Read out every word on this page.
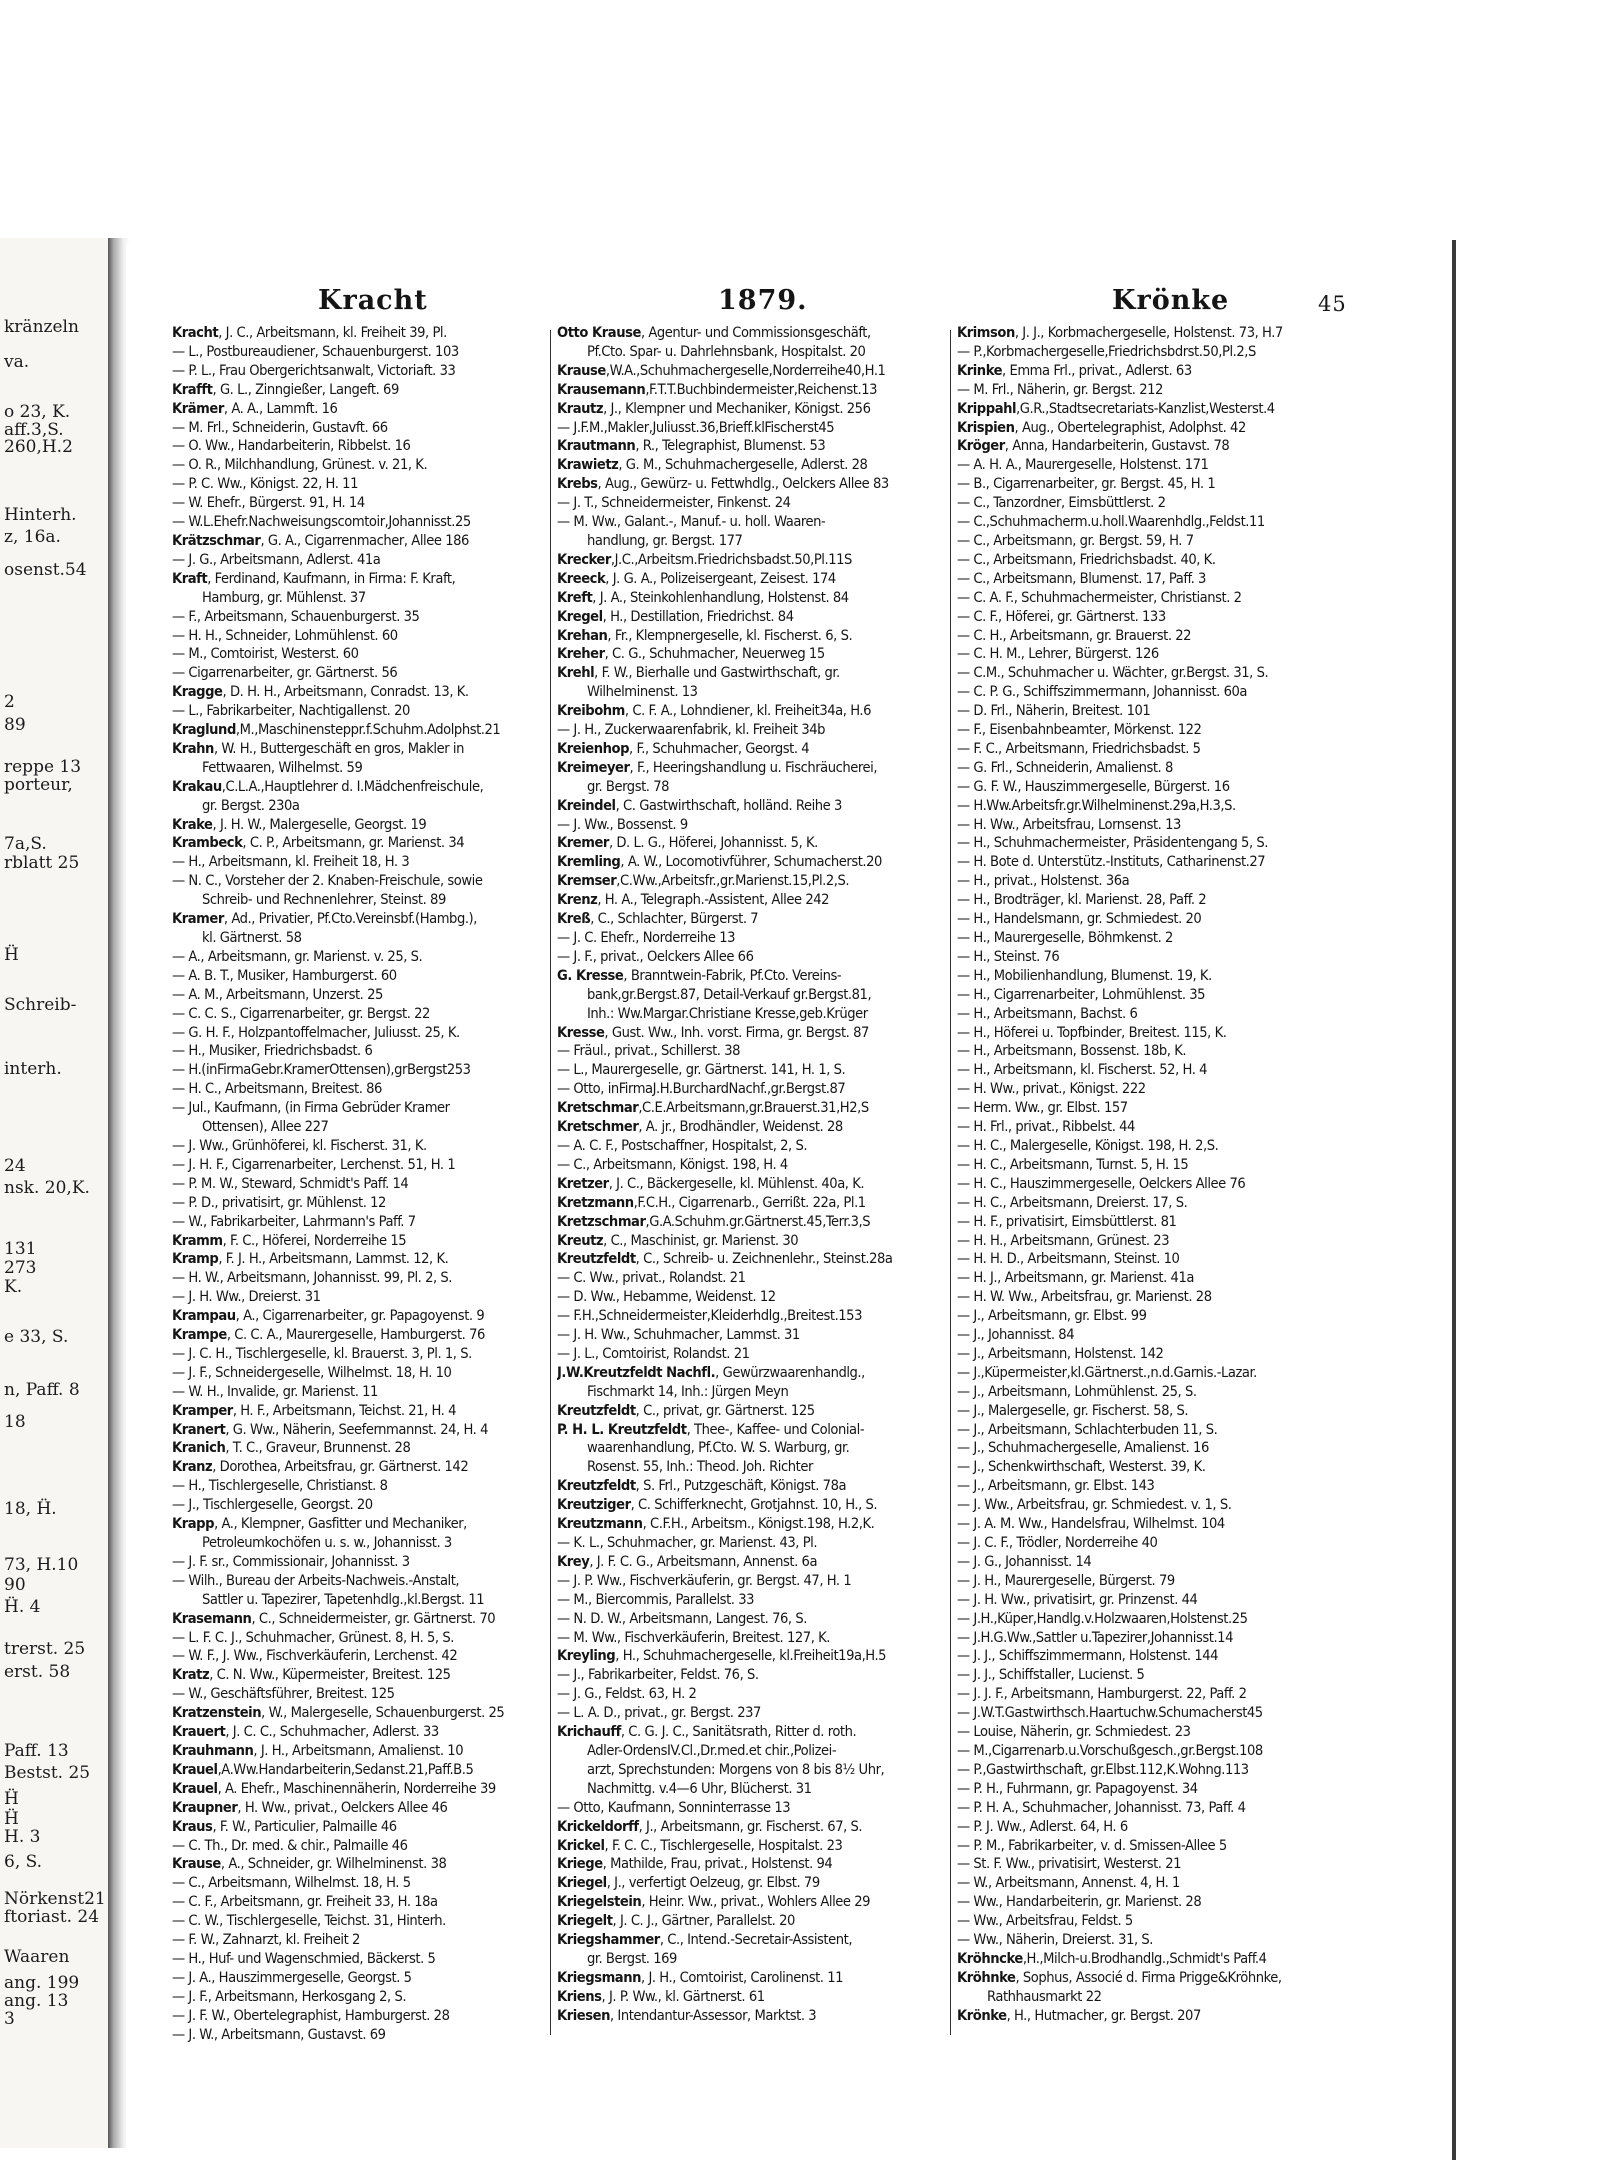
kränzeln
va.
o 23, K.
aff.3,S.
260,H.2
Hinterh.
z, 16a.
osenst.54
2
89
reppe 13
porteur,
7a,S.
rblatt 25
Ḧ
Schreib-
interh.
24
nsk. 20,K.
131
273
K.
e 33, S.
n, Paff. 8
18
18, Ḧ.
73, H.10
90
Ḧ. 4
trerst. 25
erst. 58
Paff. 13
Bestst. 25
Ḧ
Ḧ
H. 3
6, S.
Nörkenst21
ftoriast. 24
Waaren
ang. 199
ang. 13
3
Kracht	1879.	Krönke	45
Kracht, J. C., Arbeitsmann, kl. Freiheit 39, Pl.
— L., Postbureaudiener, Schauenburgerst. 103
— P. L., Frau Obergerichtsanwalt, Victoriaft. 33
Krafft, G. L., Zinngießer, Langeft. 69
Krämer, A. A., Lammft. 16
— M. Frl., Schneiderin, Gustavft. 66
— O. Ww., Handarbeiterin, Ribbelst. 16
— O. R., Milchhandlung, Grünest. v. 21, K.
— P. C. Ww., Königst. 22, H. 11
— W. Ehefr., Bürgerst. 91, H. 14
— W.L.Ehefr.Nachweisungscomtoir,Johannisst.25
Krätzschmar, G. A., Cigarrenmacher, Allee 186
— J. G., Arbeitsmann, Adlerst. 41a
Kraft, Ferdinand, Kaufmann, in Firma: F. Kraft,
Hamburg, gr. Mühlenst. 37
— F., Arbeitsmann, Schauenburgerst. 35
— H. H., Schneider, Lohmühlenst. 60
— M., Comtoirist, Westerst. 60
— Cigarrenarbeiter, gr. Gärtnerst. 56
Kragge, D. H. H., Arbeitsmann, Conradst. 13, K.
— L., Fabrikarbeiter, Nachtigallenst. 20
Kraglund,M.,Maschinensteppr.f.Schuhm.Adolphst.21
Krahn, W. H., Buttergeschäft en gros, Makler in
Fettwaaren, Wilhelmst. 59
Krakau,C.L.A.,Hauptlehrer d. I.Mädchenfreischule,
gr. Bergst. 230a
Krake, J. H. W., Malergeselle, Georgst. 19
Krambeck, C. P., Arbeitsmann, gr. Marienst. 34
— H., Arbeitsmann, kl. Freiheit 18, H. 3
— N. C., Vorsteher der 2. Knaben-Freischule, sowie
Schreib- und Rechnenlehrer, Steinst. 89
Kramer, Ad., Privatier, Pf.Cto.Vereinsbf.(Hambg.),
kl. Gärtnerst. 58
— A., Arbeitsmann, gr. Marienst. v. 25, S.
— A. B. T., Musiker, Hamburgerst. 60
— A. M., Arbeitsmann, Unzerst. 25
— C. C. S., Cigarrenarbeiter, gr. Bergst. 22
— G. H. F., Holzpantoffelmacher, Juliusst. 25, K.
— H., Musiker, Friedrichsbadst. 6
— H.(inFirmaGebr.KramerOttensen),grBergst253
— H. C., Arbeitsmann, Breitest. 86
— Jul., Kaufmann, (in Firma Gebrüder Kramer
Ottensen), Allee 227
— J. Ww., Grünhöferei, kl. Fischerst. 31, K.
— J. H. F., Cigarrenarbeiter, Lerchenst. 51, H. 1
— P. M. W., Steward, Schmidt's Paff. 14
— P. D., privatisirt, gr. Mühlenst. 12
— W., Fabrikarbeiter, Lahrmann's Paff. 7
Kramm, F. C., Höferei, Norderreihe 15
Kramp, F. J. H., Arbeitsmann, Lammst. 12, K.
— H. W., Arbeitsmann, Johannisst. 99, Pl. 2, S.
— J. H. Ww., Dreierst. 31
Krampau, A., Cigarrenarbeiter, gr. Papagoyenst. 9
Krampe, C. C. A., Maurergeselle, Hamburgerst. 76
— J. C. H., Tischlergeselle, kl. Brauerst. 3, Pl. 1, S.
— J. F., Schneidergeselle, Wilhelmst. 18, H. 10
— W. H., Invalide, gr. Marienst. 11
Kramper, H. F., Arbeitsmann, Teichst. 21, H. 4
Kranert, G. Ww., Näherin, Seefernmannst. 24, H. 4
Kranich, T. C., Graveur, Brunnenst. 28
Kranz, Dorothea, Arbeitsfrau, gr. Gärtnerst. 142
— H., Tischlergeselle, Christianst. 8
— J., Tischlergeselle, Georgst. 20
Krapp, A., Klempner, Gasfitter und Mechaniker,
Petroleumkochöfen u. s. w., Johannisst. 3
— J. F. sr., Commissionair, Johannisst. 3
— Wilh., Bureau der Arbeits-Nachweis.-Anstalt,
Sattler u. Tapezirer, Tapetenhdlg.,kl.Bergst. 11
Krasemann, C., Schneidermeister, gr. Gärtnerst. 70
— L. F. C. J., Schuhmacher, Grünest. 8, H. 5, S.
— W. F., J. Ww., Fischverkäuferin, Lerchenst. 42
Kratz, C. N. Ww., Küpermeister, Breitest. 125
— W., Geschäftsführer, Breitest. 125
Kratzenstein, W., Malergeselle, Schauenburgerst. 25
Krauert, J. C. C., Schuhmacher, Adlerst. 33
Krauhmann, J. H., Arbeitsmann, Amalienst. 10
Krauel,A.Ww.Handarbeiterin,Sedanst.21,Paff.B.5
Krauel, A. Ehefr., Maschinennäherin, Norderreihe 39
Kraupner, H. Ww., privat., Oelckers Allee 46
Kraus, F. W., Particulier, Palmaille 46
— C. Th., Dr. med. & chir., Palmaille 46
Krause, A., Schneider, gr. Wilhelminenst. 38
— C., Arbeitsmann, Wilhelmst. 18, H. 5
— C. F., Arbeitsmann, gr. Freiheit 33, H. 18a
— C. W., Tischlergeselle, Teichst. 31, Hinterh.
— F. W., Zahnarzt, kl. Freiheit 2
— H., Huf- und Wagenschmied, Bäckerst. 5
— J. A., Hauszimmergeselle, Georgst. 5
— J. F., Arbeitsmann, Herkosgang 2, S.
— J. F. W., Obertelegraphist, Hamburgerst. 28
— J. W., Arbeitsmann, Gustavst. 69
Otto Krause, Agentur- und Commissionsgeschäft,
Pf.Cto. Spar- u. Dahrlehnsbank, Hospitalst. 20
Krause,W.A.,Schuhmachergeselle,Norderreihe40,H.1
Krausemann,F.T.T.Buchbindermeister,Reichenst.13
Krautz, J., Klempner und Mechaniker, Königst. 256
— J.F.M.,Makler,Juliusst.36,Brieff.klFischerst45
Krautmann, R., Telegraphist, Blumenst. 53
Krawietz, G. M., Schuhmachergeselle, Adlerst. 28
Krebs, Aug., Gewürz- u. Fettwhdlg., Oelckers Allee 83
— J. T., Schneidermeister, Finkenst. 24
— M. Ww., Galant.-, Manuf.- u. holl. Waaren-
handlung, gr. Bergst. 177
Krecker,J.C.,Arbeitsm.Friedrichsbadst.50,Pl.11S
Kreeck, J. G. A., Polizeisergeant, Zeisest. 174
Kreft, J. A., Steinkohlenhandlung, Holstenst. 84
Kregel, H., Destillation, Friedrichst. 84
Krehan, Fr., Klempnergeselle, kl. Fischerst. 6, S.
Kreher, C. G., Schuhmacher, Neuerweg 15
Krehl, F. W., Bierhalle und Gastwirthschaft, gr.
Wilhelminenst. 13
Kreibohm, C. F. A., Lohndiener, kl. Freiheit34a, H.6
— J. H., Zuckerwaarenfabrik, kl. Freiheit 34b
Kreienhop, F., Schuhmacher, Georgst. 4
Kreimeyer, F., Heeringshandlung u. Fischräucherei,
gr. Bergst. 78
Kreindel, C. Gastwirthschaft, holländ. Reihe 3
— J. Ww., Bossenst. 9
Kremer, D. L. G., Höferei, Johannisst. 5, K.
Kremling, A. W., Locomotivführer, Schumacherst.20
Kremser,C.Ww.,Arbeitsfr.,gr.Marienst.15,Pl.2,S.
Krenz, H. A., Telegraph.-Assistent, Allee 242
Kreß, C., Schlachter, Bürgerst. 7
— J. C. Ehefr., Norderreihe 13
— J. F., privat., Oelckers Allee 66
G. Kresse, Branntwein-Fabrik, Pf.Cto. Vereins-
bank,gr.Bergst.87, Detail-Verkauf gr.Bergst.81,
Inh.: Ww.Margar.Christiane Kresse,geb.Krüger
Kresse, Gust. Ww., Inh. vorst. Firma, gr. Bergst. 87
— Fräul., privat., Schillerst. 38
— L., Maurergeselle, gr. Gärtnerst. 141, H. 1, S.
— Otto, inFirmaJ.H.BurchardNachf.,gr.Bergst.87
Kretschmar,C.E.Arbeitsmann,gr.Brauerst.31,H2,S
Kretschmer, A. jr., Brodhändler, Weidenst. 28
— A. C. F., Postschaffner, Hospitalst, 2, S.
— C., Arbeitsmann, Königst. 198, H. 4
Kretzer, J. C., Bäckergeselle, kl. Mühlenst. 40a, K.
Kretzmann,F.C.H., Cigarrenarb., Gerrißt. 22a, Pl.1
Kretzschmar,G.A.Schuhm.gr.Gärtnerst.45,Terr.3,S
Kreutz, C., Maschinist, gr. Marienst. 30
Kreutzfeldt, C., Schreib- u. Zeichnenlehr., Steinst.28a
— C. Ww., privat., Rolandst. 21
— D. Ww., Hebamme, Weidenst. 12
— F.H.,Schneidermeister,Kleiderhdlg.,Breitest.153
— J. H. Ww., Schuhmacher, Lammst. 31
— J. L., Comtoirist, Rolandst. 21
J.W.Kreutzfeldt Nachfl., Gewürzwaarenhandlg.,
Fischmarkt 14, Inh.: Jürgen Meyn
Kreutzfeldt, C., privat, gr. Gärtnerst. 125
P. H. L. Kreutzfeldt, Thee-, Kaffee- und Colonial-
waarenhandlung, Pf.Cto. W. S. Warburg, gr.
Rosenst. 55, Inh.: Theod. Joh. Richter
Kreutzfeldt, S. Frl., Putzgeschäft, Königst. 78a
Kreutziger, C. Schifferknecht, Grotjahnst. 10, H., S.
Kreutzmann, C.F.H., Arbeitsm., Königst.198, H.2,K.
— K. L., Schuhmacher, gr. Marienst. 43, Pl.
Krey, J. F. C. G., Arbeitsmann, Annenst. 6a
— J. P. Ww., Fischverkäuferin, gr. Bergst. 47, H. 1
— M., Biercommis, Parallelst. 33
— N. D. W., Arbeitsmann, Langest. 76, S.
— M. Ww., Fischverkäuferin, Breitest. 127, K.
Kreyling, H., Schuhmachergeselle, kl.Freiheit19a,H.5
— J., Fabrikarbeiter, Feldst. 76, S.
— J. G., Feldst. 63, H. 2
— L. A. D., privat., gr. Bergst. 237
Krichauff, C. G. J. C., Sanitätsrath, Ritter d. roth.
Adler-OrdensIV.Cl.,Dr.med.et chir.,Polizei-
arzt, Sprechstunden: Morgens von 8 bis 8½ Uhr,
Nachmittg. v.4—6 Uhr, Blücherst. 31
— Otto, Kaufmann, Sonninterrasse 13
Krickeldorff, J., Arbeitsmann, gr. Fischerst. 67, S.
Krickel, F. C. C., Tischlergeselle, Hospitalst. 23
Kriege, Mathilde, Frau, privat., Holstenst. 94
Kriegel, J., verfertigt Oelzeug, gr. Elbst. 79
Kriegelstein, Heinr. Ww., privat., Wohlers Allee 29
Kriegelt, J. C. J., Gärtner, Parallelst. 20
Kriegshammer, C., Intend.-Secretair-Assistent,
gr. Bergst. 169
Kriegsmann, J. H., Comtoirist, Carolinenst. 11
Kriens, J. P. Ww., kl. Gärtnerst. 61
Kriesen, Intendantur-Assessor, Marktst. 3
Krimson, J. J., Korbmachergeselle, Holstenst. 73, H.7
— P.,Korbmachergeselle,Friedrichsbdrst.50,Pl.2,S
Krinke, Emma Frl., privat., Adlerst. 63
— M. Frl., Näherin, gr. Bergst. 212
Krippahl,G.R.,Stadtsecretariats-Kanzlist,Westerst.4
Krispien, Aug., Obertelegraphist, Adolphst. 42
Kröger, Anna, Handarbeiterin, Gustavst. 78
— A. H. A., Maurergeselle, Holstenst. 171
— B., Cigarrenarbeiter, gr. Bergst. 45, H. 1
— C., Tanzordner, Eimsbüttlerst. 2
— C.,Schuhmacherm.u.holl.Waarenhdlg.,Feldst.11
— C., Arbeitsmann, gr. Bergst. 59, H. 7
— C., Arbeitsmann, Friedrichsbadst. 40, K.
— C., Arbeitsmann, Blumenst. 17, Paff. 3
— C. A. F., Schuhmachermeister, Christianst. 2
— C. F., Höferei, gr. Gärtnerst. 133
— C. H., Arbeitsmann, gr. Brauerst. 22
— C. H. M., Lehrer, Bürgerst. 126
— C.M., Schuhmacher u. Wächter, gr.Bergst. 31, S.
— C. P. G., Schiffszimmermann, Johannisst. 60a
— D. Frl., Näherin, Breitest. 101
— F., Eisenbahnbeamter, Mörkenst. 122
— F. C., Arbeitsmann, Friedrichsbadst. 5
— G. Frl., Schneiderin, Amalienst. 8
— G. F. W., Hauszimmergeselle, Bürgerst. 16
— H.Ww.Arbeitsfr.gr.Wilhelminenst.29a,H.3,S.
— H. Ww., Arbeitsfrau, Lornsenst. 13
— H., Schuhmachermeister, Präsidentengang 5, S.
— H. Bote d. Unterstütz.-Instituts, Catharinenst.27
— H., privat., Holstenst. 36a
— H., Brodträger, kl. Marienst. 28, Paff. 2
— H., Handelsmann, gr. Schmiedest. 20
— H., Maurergeselle, Böhmkenst. 2
— H., Steinst. 76
— H., Mobilienhandlung, Blumenst. 19, K.
— H., Cigarrenarbeiter, Lohmühlenst. 35
— H., Arbeitsmann, Bachst. 6
— H., Höferei u. Topfbinder, Breitest. 115, K.
— H., Arbeitsmann, Bossenst. 18b, K.
— H., Arbeitsmann, kl. Fischerst. 52, H. 4
— H. Ww., privat., Königst. 222
— Herm. Ww., gr. Elbst. 157
— H. Frl., privat., Ribbelst. 44
— H. C., Malergeselle, Königst. 198, H. 2,S.
— H. C., Arbeitsmann, Turnst. 5, H. 15
— H. C., Hauszimmergeselle, Oelckers Allee 76
— H. C., Arbeitsmann, Dreierst. 17, S.
— H. F., privatisirt, Eimsbüttlerst. 81
— H. H., Arbeitsmann, Grünest. 23
— H. H. D., Arbeitsmann, Steinst. 10
— H. J., Arbeitsmann, gr. Marienst. 41a
— H. W. Ww., Arbeitsfrau, gr. Marienst. 28
— J., Arbeitsmann, gr. Elbst. 99
— J., Johannisst. 84
— J., Arbeitsmann, Holstenst. 142
— J.,Küpermeister,kl.Gärtnerst.,n.d.Garnis.-Lazar.
— J., Arbeitsmann, Lohmühlenst. 25, S.
— J., Malergeselle, gr. Fischerst. 58, S.
— J., Arbeitsmann, Schlachterbuden 11, S.
— J., Schuhmachergeselle, Amalienst. 16
— J., Schenkwirthschaft, Westerst. 39, K.
— J., Arbeitsmann, gr. Elbst. 143
— J. Ww., Arbeitsfrau, gr. Schmiedest. v. 1, S.
— J. A. M. Ww., Handelsfrau, Wilhelmst. 104
— J. C. F., Trödler, Norderreihe 40
— J. G., Johannisst. 14
— J. H., Maurergeselle, Bürgerst. 79
— J. H. Ww., privatisirt, gr. Prinzenst. 44
— J.H.,Küper,Handlg.v.Holzwaaren,Holstenst.25
— J.H.G.Ww.,Sattler u.Tapezirer,Johannisst.14
— J. J., Schiffszimmermann, Holstenst. 144
— J. J., Schiffstaller, Lucienst. 5
— J. J. F., Arbeitsmann, Hamburgerst. 22, Paff. 2
— J.W.T.Gastwirthsch.Haartuchw.Schumacherst45
— Louise, Näherin, gr. Schmiedest. 23
— M.,Cigarrenarb.u.Vorschußgesch.,gr.Bergst.108
— P.,Gastwirthschaft, gr.Elbst.112,K.Wohng.113
— P. H., Fuhrmann, gr. Papagoyenst. 34
— P. H. A., Schuhmacher, Johannisst. 73, Paff. 4
— P. J. Ww., Adlerst. 64, H. 6
— P. M., Fabrikarbeiter, v. d. Smissen-Allee 5
— St. F. Ww., privatisirt, Westerst. 21
— W., Arbeitsmann, Annenst. 4, H. 1
— Ww., Handarbeiterin, gr. Marienst. 28
— Ww., Arbeitsfrau, Feldst. 5
— Ww., Näherin, Dreierst. 31, S.
Kröhncke,H.,Milch-u.Brodhandlg.,Schmidt's Paff.4
Kröhnke, Sophus, Associé d. Firma Prigge&Kröhnke,
Rathhausmarkt 22
Krönke, H., Hutmacher, gr. Bergst. 207
